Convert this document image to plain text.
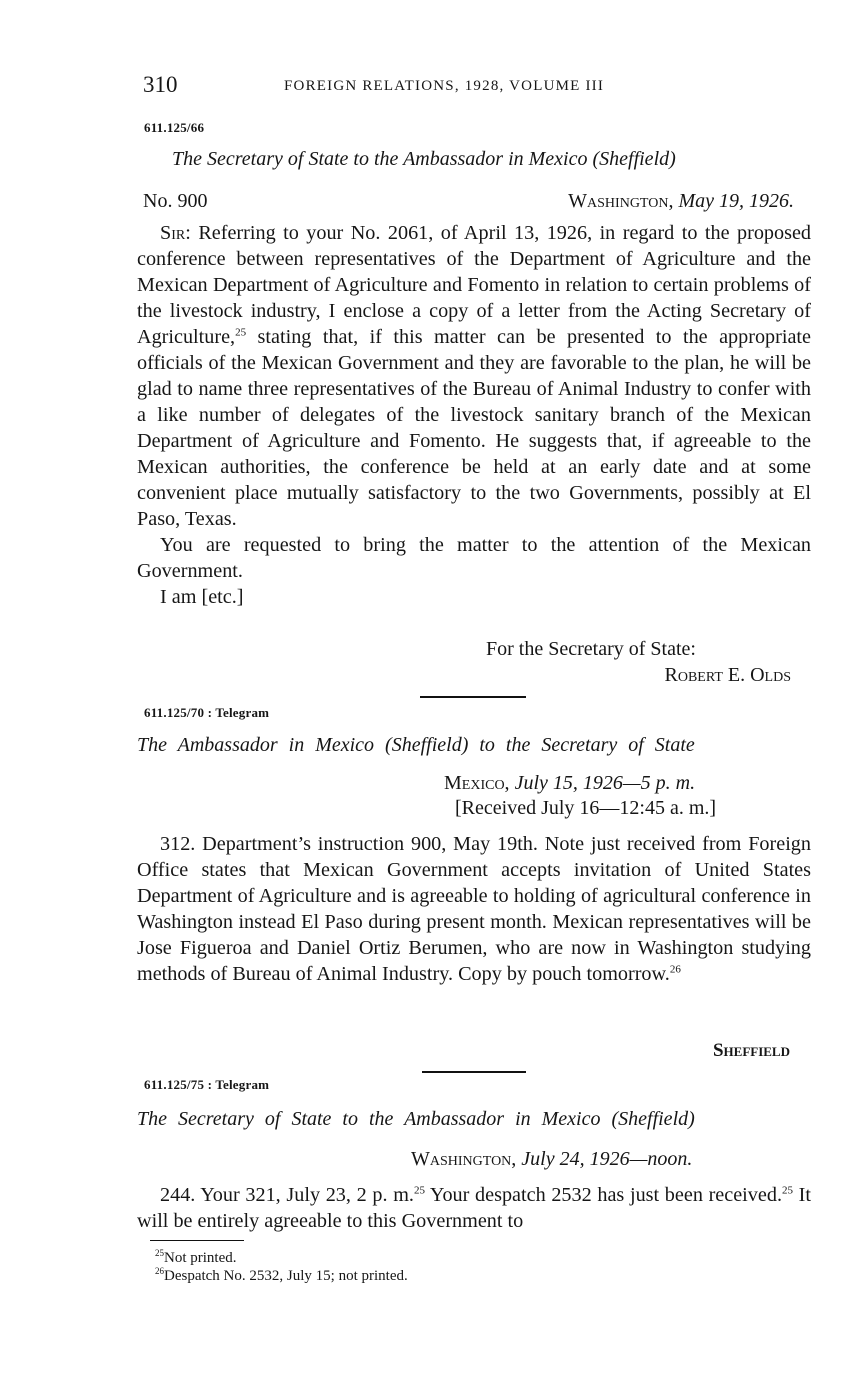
310	FOREIGN RELATIONS, 1928, VOLUME III
611.125/66
The Secretary of State to the Ambassador in Mexico (Sheffield)
No. 900	Washington, May 19, 1926.

Sir: Referring to your No. 2061, of April 13, 1926, in regard to the proposed conference between representatives of the Department of Agriculture and the Mexican Department of Agriculture and Fomento in relation to certain problems of the livestock industry, I enclose a copy of a letter from the Acting Secretary of Agriculture,$^{25}$ stating that, if this matter can be presented to the appropriate officials of the Mexican Government and they are favorable to the plan, he will be glad to name three representatives of the Bureau of Animal Industry to confer with a like number of delegates of the livestock sanitary branch of the Mexican Department of Agriculture and Fomento. He suggests that, if agreeable to the Mexican authorities, the conference be held at an early date and at some convenient place mutually satisfactory to the two Governments, possibly at El Paso, Texas.

You are requested to bring the matter to the attention of the Mexican Government.

I am [etc.]

For the Secretary of State:
Robert E. Olds
611.125/70 : Telegram
The Ambassador in Mexico (Sheffield) to the Secretary of State
Mexico, July 15, 1926—5 p. m.
[Received July 16—12:45 a. m.]

312. Department’s instruction 900, May 19th. Note just received from Foreign Office states that Mexican Government accepts invitation of United States Department of Agriculture and is agreeable to holding of agricultural conference in Washington instead El Paso during present month. Mexican representatives will be Jose Figueroa and Daniel Ortiz Berumen, who are now in Washington studying methods of Bureau of Animal Industry. Copy by pouch tomorrow.$^{26}$

Sheffield
611.125/75 : Telegram
The Secretary of State to the Ambassador in Mexico (Sheffield)
Washington, July 24, 1926—noon.

244. Your 321, July 23, 2 p. m.$^{25}$ Your despatch 2532 has just been received.$^{25}$ It will be entirely agreeable to this Government to

$^{25}$Not printed.
$^{26}$Despatch No. 2532, July 15; not printed.
